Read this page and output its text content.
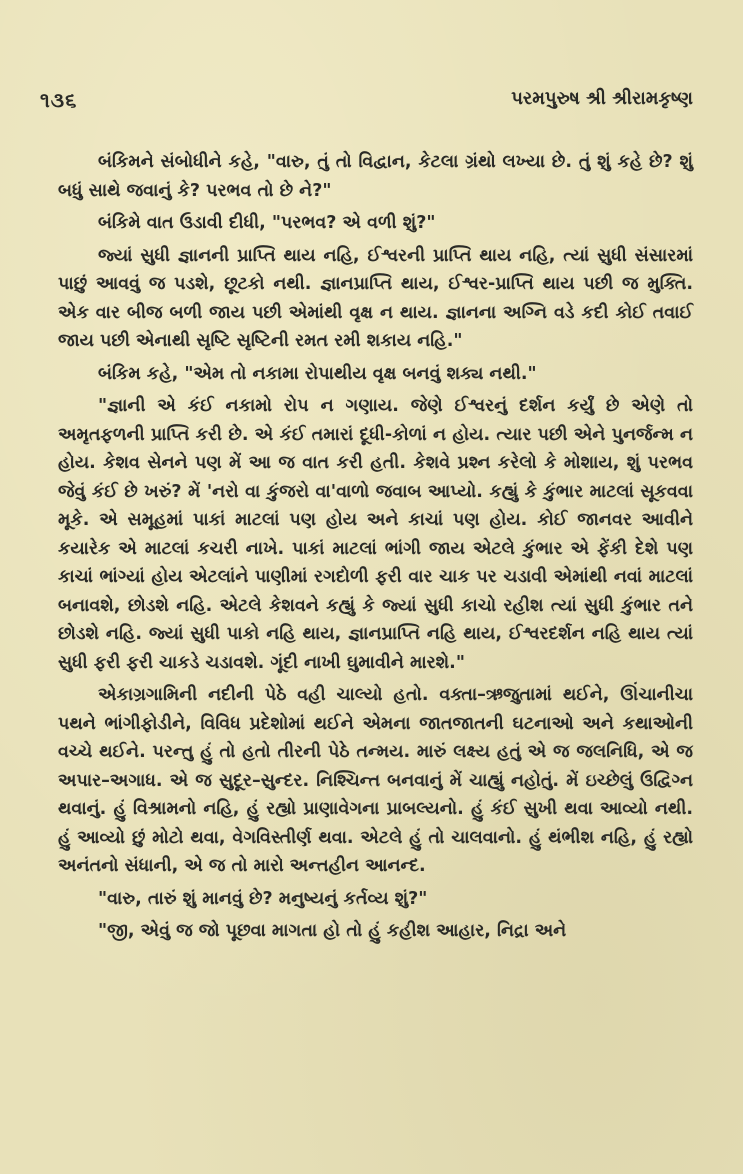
૧૩૬	પરમપુરુષ શ્રી શ્રીરામકૃષ્ણ

બંકિમને સંબોધીને કહે, "વારુ, તું તો વિદ્વાન, કેટલા ગ્રંથો લખ્યા છે. તું શું કહે છે? શું બધું સાથે જવાનું કે? પરભવ તો છે ને?"

બંકિમે વાત ઉડાવી દીધી, "પરભવ? એ વળી શું?"

જ્યાં સુધી જ્ઞાનની પ્રાપ્તિ થાય નહિ, ઈશ્વરની પ્રાપ્તિ થાય નહિ, ત્યાં સુધી સંસારમાં પાછું આવવું જ પડશે, છૂટકો નથી. જ્ઞાનપ્રાપ્તિ થાય, ઈશ્વર-પ્રાપ્તિ થાય પછી જ મુક્તિ. એક વાર બીજ બળી જાય પછી એમાંથી વૃક્ષ ન થાય. જ્ઞાનના અગ્નિ વડે કદી કોઈ તવાઈ જાય પછી એનાથી સૃષ્ટિ સૃષ્ટિની રમત રમી શકાય નહિ."

બંકિમ કહે, "એમ તો નકામા રોપાથીય વૃક્ષ બનવું શક્ય નથી."

"જ્ઞાની એ કંઈ નકામો રોપ ન ગણાય. જેણે ઈશ્વરનું દર્શન કર્યું છે એણે તો અમૃતફળની પ્રાપ્તિ કરી છે. એ કંઈ તમારાં દૂધી-કોળાં ન હોય. ત્યાર પછી એને પુનર્જન્મ ન હોય. કેશવ સેનને પણ મેં આ જ વાત કરી હતી. કેશવે પ્રશ્ન કરેલો કે મોશાય, શું પરભવ જેવું કંઈ છે ખરું? મેં 'નરો વા કુંજરો વા'વાળો જવાબ આપ્યો. કહ્યું કે કુંભાર માટલાં સૂકવવા મૂકે. એ સમૂહમાં પાકાં માટલાં પણ હોય અને કાચાં પણ હોય. કોઈ જાનવર આવીને કયારેક એ માટલાં કચરી નાખે. પાકાં માટલાં ભાંગી જાય એટલે કુંભાર એ ફેંકી દેશે પણ કાચાં ભાંગ્યાં હોય એટલાંને પાણીમાં રગદોળી ફરી વાર ચાક પર ચડાવી એમાંથી નવાં માટલાં બનાવશે, છોડશે નહિ. એટલે કેશવને કહ્યું કે જ્યાં સુધી કાચો રહીશ ત્યાં સુધી કુંભાર તને છોડશે નહિ. જ્યાં સુધી પાકો નહિ થાય, જ્ઞાનપ્રાપ્તિ નહિ થાય, ઈશ્વરદર્શન નહિ થાય ત્યાં સુધી ફરી ફરી ચાકડે ચડાવશે. ગૂંદી નાખી ઘુમાવીને મારશે."

એકાગ્રગામિની નદીની પેઠે વહી ચાલ્યો હતો. વક્તા–ઋજુતામાં થઈને, ઊંચાનીચા પથને ભાંગીફોડીને, વિવિધ પ્રદેશોમાં થઈને એમના જાતજાતની ઘટનાઓ અને કથાઓની વચ્ચે થઈને. પરન્તુ હું તો હતો તીરની પેઠે તન્મય. મારું લક્ષ્ય હતું એ જ જલનિધિ, એ જ અપાર–અગાધ. એ જ સુદૂર–સુન્દર. નિશ્ચિન્ત બનવાનું મેં ચાહ્યું નહોતું. મેં ઇચ્છેલું ઉદ્વિગ્ન થવાનું. હું વિશ્રામનો નહિ, હું રહ્યો પ્રાણાવેગના પ્રાબલ્યનો. હું કંઈ સુખી થવા આવ્યો નથી. હું આવ્યો છું મોટો થવા, વેગવિસ્તીર્ણ થવા. એટલે હું તો ચાલવાનો. હું થંભીશ નહિ, હું રહ્યો અનંતનો સંધાની, એ જ તો મારો અન્તહીન આનન્દ.

"વારુ, તારું શું માનવું છે? મનુષ્યનું કર્તવ્ય શું?"

"જી, એવું જ જો પૂછવા માગતા હો તો હું કહીશ આહાર, નિદ્રા અને
